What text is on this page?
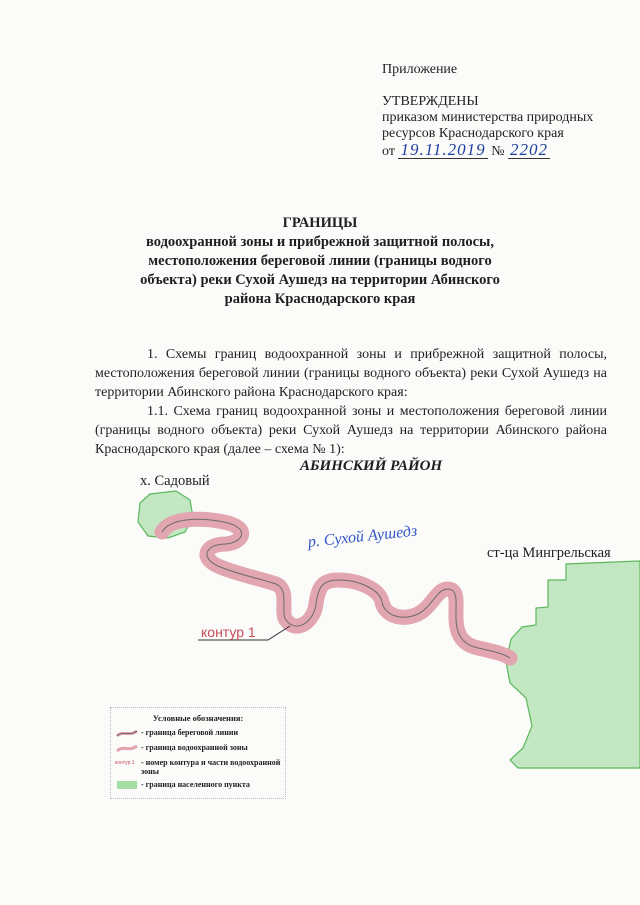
Приложение
УТВЕРЖДЕНЫ
приказом министерства природных
ресурсов Краснодарского края
от 19.11.2019 № 2202
ГРАНИЦЫ
водоохранной зоны и прибрежной защитной полосы,
местоположения береговой линии (границы водного
объекта) реки Сухой Аушедз на территории Абинского
района Краснодарского края

1. Схемы границ водоохранной зоны и прибрежной защитной полосы, местоположения береговой линии (границы водного объекта) реки Сухой Аушедз на территории Абинского района Краснодарского края:

1.1. Схема границ водоохранной зоны и местоположения береговой линии (границы водного объекта) реки Сухой Аушедз на территории Абинского района Краснодарского края (далее – схема № 1):

АБИНСКИЙ РАЙОН
х. Садовый
ст-ца Мингрельская
р. Сухой Аушедз
контур 1
Условные обозначения:
- граница береговой линии
- граница водоохранной зоны
контур 1 - номер контура и части водоохранной зоны
- граница населенного пункта
